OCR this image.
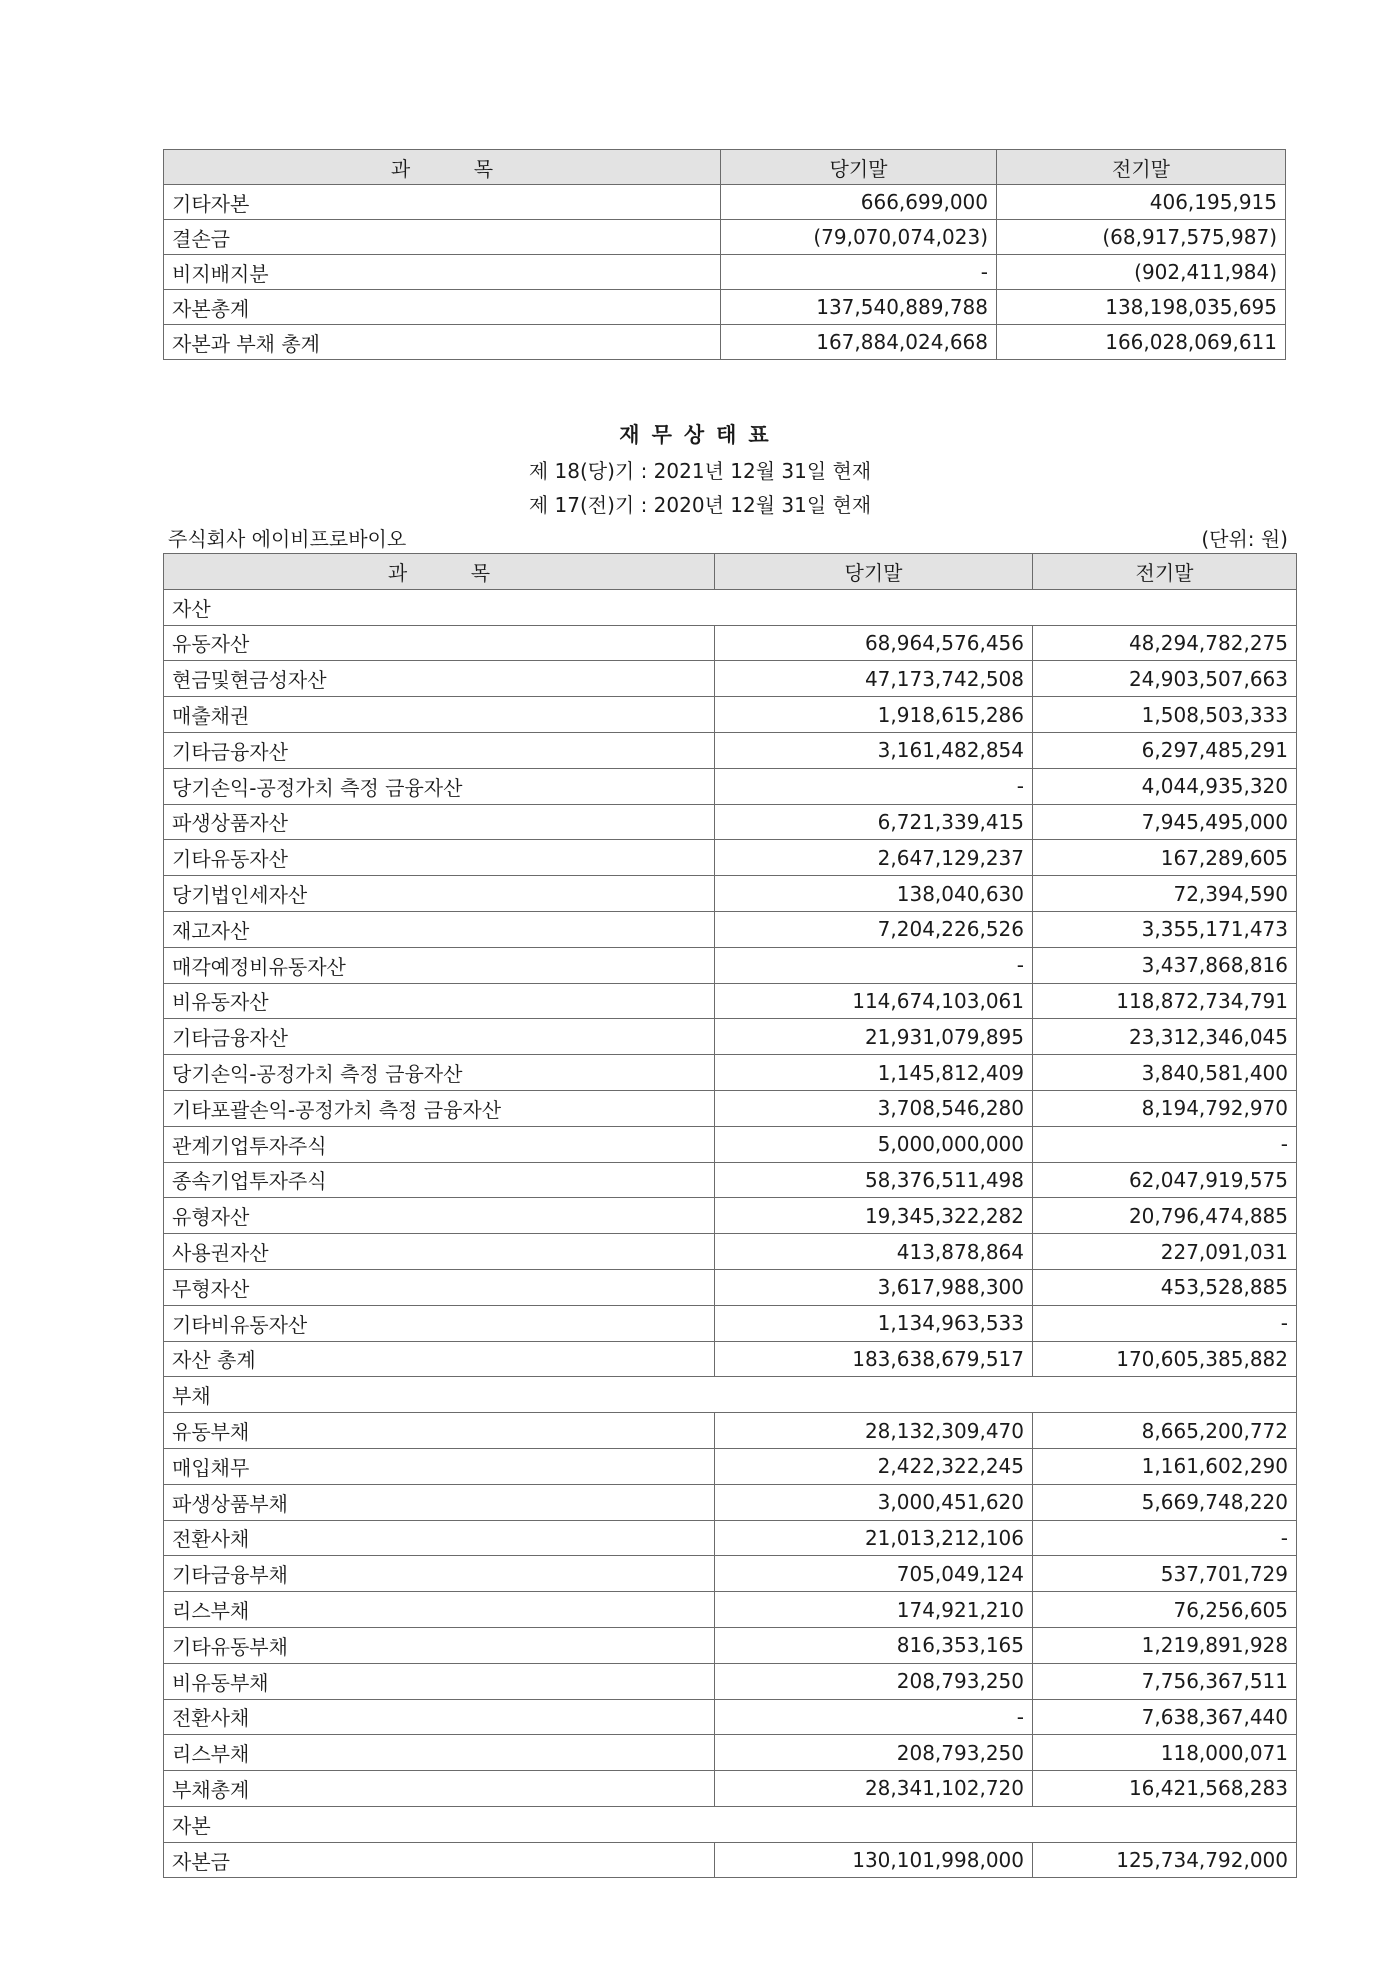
과          목	당기말	전기말
기타자본	666,699,000	406,195,915
결손금	(79,070,074,023)	(68,917,575,987)
비지배지분	-	(902,411,984)
자본총계	137,540,889,788	138,198,035,695
자본과 부채 총계	167,884,024,668	166,028,069,611
재무상태표
제 18(당)기 : 2021년 12월 31일 현재
제 17(전)기 : 2020년 12월 31일 현재
주식회사 에이비프로바이오	(단위: 원)
과          목	당기말	전기말
자산		
유동자산	68,964,576,456	48,294,782,275
현금및현금성자산	47,173,742,508	24,903,507,663
매출채권	1,918,615,286	1,508,503,333
기타금융자산	3,161,482,854	6,297,485,291
당기손익-공정가치 측정 금융자산	-	4,044,935,320
파생상품자산	6,721,339,415	7,945,495,000
기타유동자산	2,647,129,237	167,289,605
당기법인세자산	138,040,630	72,394,590
재고자산	7,204,226,526	3,355,171,473
매각예정비유동자산	-	3,437,868,816
비유동자산	114,674,103,061	118,872,734,791
기타금융자산	21,931,079,895	23,312,346,045
당기손익-공정가치 측정 금융자산	1,145,812,409	3,840,581,400
기타포괄손익-공정가치 측정 금융자산	3,708,546,280	8,194,792,970
관계기업투자주식	5,000,000,000	-
종속기업투자주식	58,376,511,498	62,047,919,575
유형자산	19,345,322,282	20,796,474,885
사용권자산	413,878,864	227,091,031
무형자산	3,617,988,300	453,528,885
기타비유동자산	1,134,963,533	-
자산 총계	183,638,679,517	170,605,385,882
부채		
유동부채	28,132,309,470	8,665,200,772
매입채무	2,422,322,245	1,161,602,290
파생상품부채	3,000,451,620	5,669,748,220
전환사채	21,013,212,106	-
기타금융부채	705,049,124	537,701,729
리스부채	174,921,210	76,256,605
기타유동부채	816,353,165	1,219,891,928
비유동부채	208,793,250	7,756,367,511
전환사채	-	7,638,367,440
리스부채	208,793,250	118,000,071
부채총계	28,341,102,720	16,421,568,283
자본		
자본금	130,101,998,000	125,734,792,000
